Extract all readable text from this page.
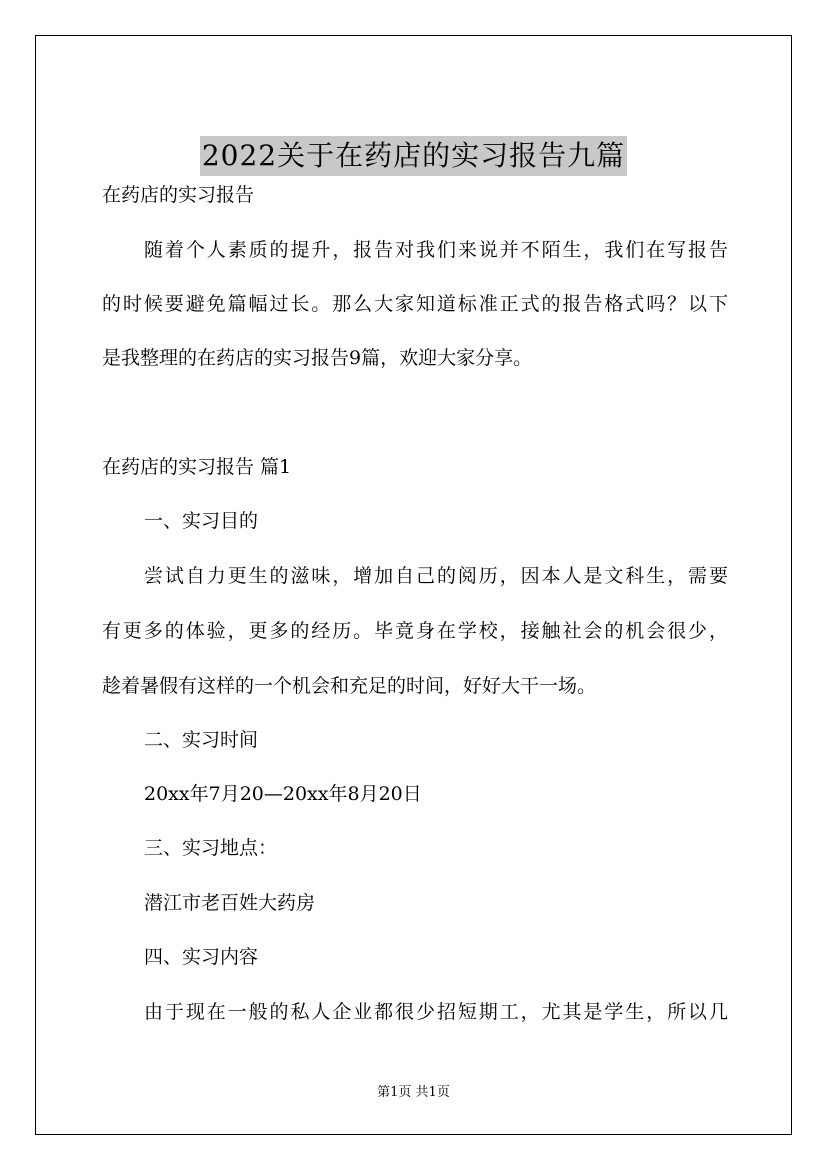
2022关于在药店的实习报告九篇
在药店的实习报告
随着个人素质的提升，报告对我们来说并不陌生，我们在写报告
的时候要避免篇幅过长。那么大家知道标准正式的报告格式吗？以下
是我整理的在药店的实习报告9篇，欢迎大家分享。
在药店的实习报告 篇1
一、实习目的
尝试自力更生的滋味，增加自己的阅历，因本人是文科生，需要
有更多的体验，更多的经历。毕竟身在学校，接触社会的机会很少，
趁着暑假有这样的一个机会和充足的时间，好好大干一场。
二、实习时间
20xx年7月20—20xx年8月20日
三、实习地点：
潜江市老百姓大药房
四、实习内容
由于现在一般的私人企业都很少招短期工，尤其是学生，所以几
第1页 共1页
